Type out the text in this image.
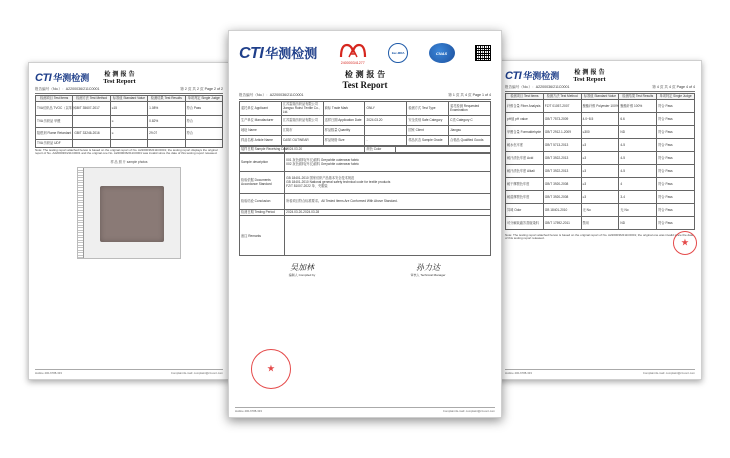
CTI 华测检测	检 测 报 告
Test Report
报告编号（No.）：A2200036/211C0001	第 2 页 共 2 页 Page 2 of 2
检测项目 Test Items	检测方法 Test Method	标准值 Standard Value	检测结果 Test Results	单项判定 Single Judge
TVA纺织品 TVOC（以苯计）	GB/T 35607-2017	≤15	1.08%	符合 Pass
TVA 纺织品 甲醛		≤	0.82%	符合
阻燃剂 Flame Retardant	GB/T 33246-2016	≤	29.07	符合
TVA 纺织品 UDF				
Note: The testing report attached hereto is based on the original report of No. A2200036/211C0001; the testing report displays the original report of No. A2200036/211C0001 and the original one No. A2200036/211C0001 was invalid since the date of this testing report released.
样 品 照 片 sample photos
Hotline 400-6788-333	Complaint E-mail: complaint@cti-cert.com
CTI 华测检测	检 测 报 告
Test Report
报告编号（No.）：A2200036/211C0001	第 4 页 共 4 页 Page 4 of 4
检测项目 Test Items	检测方法 Test Method	标准值 Standard Value	检测结果 Test Results	单项判定 Single Judge
纤维含量 Fiber Analysis	FZ/T 01057-2007	聚酯纤维 Polyester 100%	聚酯纤维 100%	符合 Pass
pH值 pH value	GB/T 7573-2009	4.0~8.5	6.6	符合 Pass
甲醛含量 Formaldehyde	GB/T 2912.1-2009	≤300	ND	符合 Pass
耐水色牢度	GB/T 5713-2013	≥3	4-5	符合 Pass
耐汗渍色牢度 Acid	GB/T 3922-2013	≥3	4-5	符合 Pass
耐汗渍色牢度 Alkali	GB/T 3922-2013	≥3	4-5	符合 Pass
耐干摩擦色牢度	GB/T 3920-2008	≥3	4	符合 Pass
耐湿摩擦色牢度	GB/T 3920-2008	≥3	3-4	符合 Pass
异味 Odor	GB 18401-2010	无 No	无 No	符合 Pass
可分解致癌芳香胺染料	GB/T 17592-2011	禁用	ND	符合 Pass
Note: The testing report attached hereto is based on the original report of No. A2200036/211C0001; the original one was invalid since the date of this testing report released.	★
Hotline 400-6788-333	Complaint E-mail: complaint@cti-cert.com
CTI 华测检测
240000341277
ilac-MRA	CNAS
检 测 报 告
Test Report
报告编号（No.）：A2200036/211C0001	第 1 页 共 4 页 Page 1 of 4
委托单位 Applicant	江苏雷瑞纺织品有限公司 Jiangsu Ruirui Textile Co., Ltd.	商标 Trade Mark	ONLY	检测方式 Test Type	委托检测 Requested Examination
生产单位 Manufacturer	江苏雷瑞纺织品有限公司	送样日期 Application Date	2024.03.20	安全类别 Safe Category	C类 Category C
地址 Name	江阴市	样品数量 Quantity		国家 Client	Jiangsu
样品名称 Article Name	CASE OUTWEAR	样品规格 Size	-	样品状态 Sample Grade	合格品 Qualified Goods
接样日期 Sample Receiving Date	2024.03.20	颜色 Color	
Sample description	001 灰色面料(外衣)面料 Greywhite outerwear fabric
002 灰色面料(外衣)面料 Greywhite outerwear fabric

检验依据 Documents Accordance Standard	GB 18401-2010 国家纺织产品基本安全技术规范
GB 18401-2010 National general safety technical code for textile products
FZ/T 81007-2022 单、夹服装

检验结论 Conclusion	所检项目符合标准要求。All Tested Items Are Conformed With Above Standard.
检测日期 Testing Period	2024.03.20-2024.03.28
备注 Remarks	
吴加林
编制人 Compiled by
孙力达
审核人 Technical Manager
★
Hotline 400-6788-333	Complaint E-mail: complaint@cti-cert.com
